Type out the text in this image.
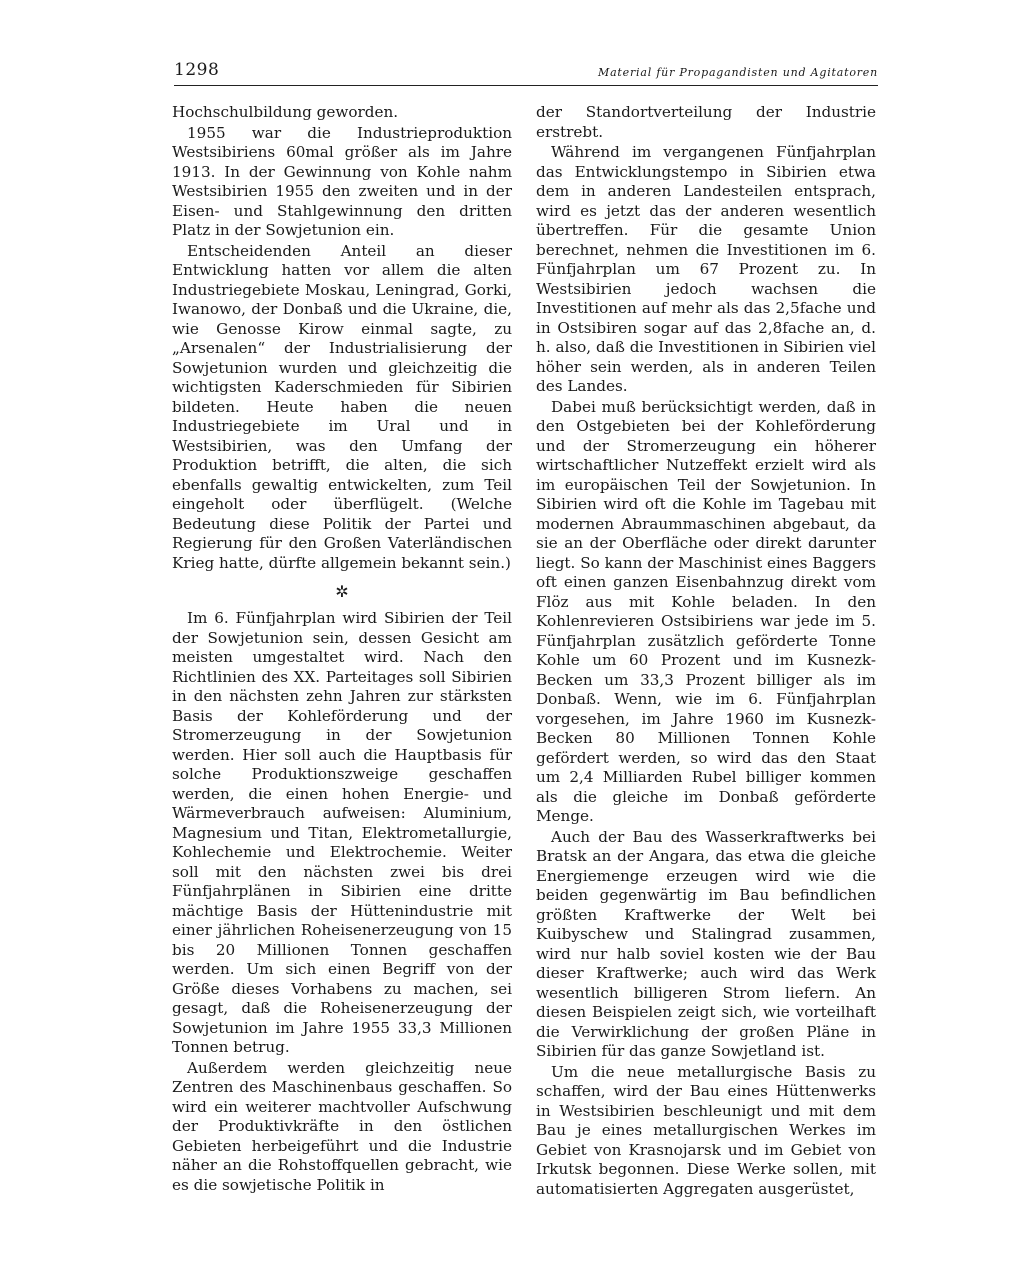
1298	Material für Propagandisten und Agitatoren

Hochschulbildung geworden.

1955 war die Industrieproduktion Westsibiriens 60mal größer als im Jahre 1913. In der Gewinnung von Kohle nahm Westsibirien 1955 den zweiten und in der Eisen- und Stahlgewinnung den dritten Platz in der Sowjetunion ein.

Entscheidenden Anteil an dieser Entwicklung hatten vor allem die alten Industriegebiete Moskau, Leningrad, Gorki, Iwanowo, der Donbaß und die Ukraine, die, wie Genosse Kirow einmal sagte, zu „Arsenalen“ der Industrialisierung der Sowjetunion wurden und gleichzeitig die wichtigsten Kaderschmieden für Sibirien bildeten. Heute haben die neuen Industriegebiete im Ural und in Westsibirien, was den Umfang der Produktion betrifft, die alten, die sich ebenfalls gewaltig entwickelten, zum Teil eingeholt oder überflügelt. (Welche Bedeutung diese Politik der Partei und Regierung für den Großen Vaterländischen Krieg hatte, dürfte allgemein bekannt sein.)

✲

Im 6. Fünfjahrplan wird Sibirien der Teil der Sowjetunion sein, dessen Gesicht am meisten umgestaltet wird. Nach den Richtlinien des XX. Parteitages soll Sibirien in den nächsten zehn Jahren zur stärksten Basis der Kohleförderung und der Stromerzeugung in der Sowjetunion werden. Hier soll auch die Hauptbasis für solche Produktionszweige geschaffen werden, die einen hohen Energie- und Wärmeverbrauch aufweisen: Aluminium, Magnesium und Titan, Elektrometallurgie, Kohlechemie und Elektrochemie. Weiter soll mit den nächsten zwei bis drei Fünfjahrplänen in Sibirien eine dritte mächtige Basis der Hüttenindustrie mit einer jährlichen Roheisenerzeugung von 15 bis 20 Millionen Tonnen geschaffen werden. Um sich einen Begriff von der Größe dieses Vorhabens zu machen, sei gesagt, daß die Roheisenerzeugung der Sowjetunion im Jahre 1955 33,3 Millionen Tonnen betrug.

Außerdem werden gleichzeitig neue Zentren des Maschinenbaus geschaffen. So wird ein weiterer machtvoller Aufschwung der Produktivkräfte in den östlichen Gebieten herbeigeführt und die Industrie näher an die Rohstoffquellen gebracht, wie es die sowjetische Politik in

der Standortverteilung der Industrie erstrebt.

Während im vergangenen Fünfjahrplan das Entwicklungstempo in Sibirien etwa dem in anderen Landesteilen entsprach, wird es jetzt das der anderen wesentlich übertreffen. Für die gesamte Union berechnet, nehmen die Investitionen im 6. Fünfjahrplan um 67 Prozent zu. In Westsibirien jedoch wachsen die Investitionen auf mehr als das 2,5fache und in Ostsibiren sogar auf das 2,8fache an, d. h. also, daß die Investitionen in Sibirien viel höher sein werden, als in anderen Teilen des Landes.

Dabei muß berücksichtigt werden, daß in den Ostgebieten bei der Kohleförderung und der Stromerzeugung ein höherer wirtschaftlicher Nutzeffekt erzielt wird als im europäischen Teil der Sowjetunion. In Sibirien wird oft die Kohle im Tagebau mit modernen Abraummaschinen abgebaut, da sie an der Oberfläche oder direkt darunter liegt. So kann der Maschinist eines Baggers oft einen ganzen Eisenbahnzug direkt vom Flöz aus mit Kohle beladen. In den Kohlenrevieren Ostsibiriens war jede im 5. Fünfjahrplan zusätzlich geförderte Tonne Kohle um 60 Prozent und im Kusnezk-Becken um 33,3 Prozent billiger als im Donbaß. Wenn, wie im 6. Fünfjahrplan vorgesehen, im Jahre 1960 im Kusnezk-Becken 80 Millionen Tonnen Kohle gefördert werden, so wird das den Staat um 2,4 Milliarden Rubel billiger kommen als die gleiche im Donbaß geförderte Menge.

Auch der Bau des Wasserkraftwerks bei Bratsk an der Angara, das etwa die gleiche Energiemenge erzeugen wird wie die beiden gegenwärtig im Bau befindlichen größten Kraftwerke der Welt bei Kuibyschew und Stalingrad zusammen, wird nur halb soviel kosten wie der Bau dieser Kraftwerke; auch wird das Werk wesentlich billigeren Strom liefern. An diesen Beispielen zeigt sich, wie vorteilhaft die Verwirklichung der großen Pläne in Sibirien für das ganze Sowjetland ist.

Um die neue metallurgische Basis zu schaffen, wird der Bau eines Hüttenwerks in Westsibirien beschleunigt und mit dem Bau je eines metallurgischen Werkes im Gebiet von Krasnojarsk und im Gebiet von Irkutsk begonnen. Diese Werke sollen, mit automatisierten Aggregaten ausgerüstet,
